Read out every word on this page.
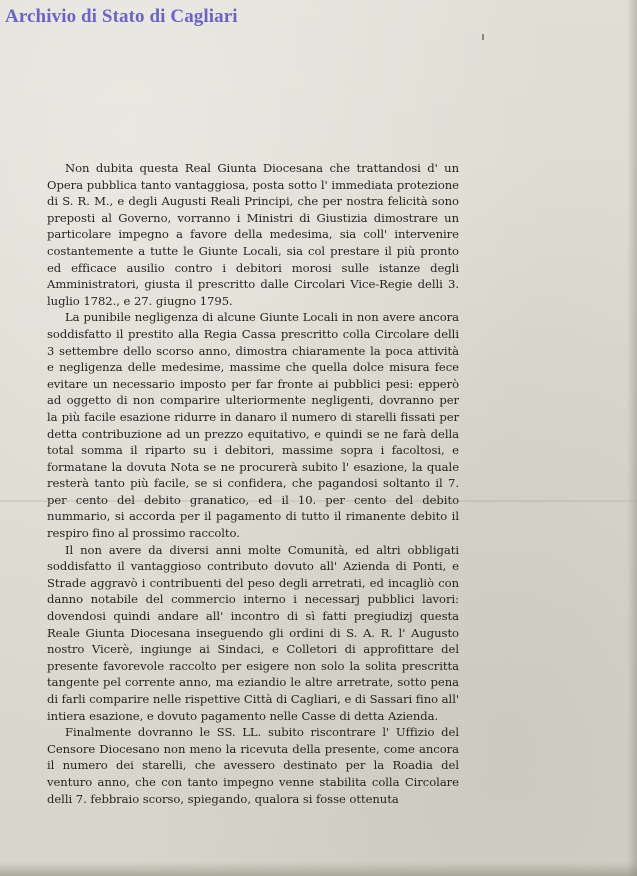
Archivio di Stato di Cagliari

Non dubita questa Real Giunta Diocesana che trattandosi d' un Opera pubblica tanto vantaggiosa, posta sotto l' immediata protezione di S. R. M., e degli Augusti Reali Principi, che per nostra felicità sono preposti al Governo, vorranno i Ministri di Giustizia dimostrare un particolare impegno a favore della medesima, sia coll' intervenire costantemente a tutte le Giunte Locali, sia col prestare il più pronto ed efficace ausilio contro i debitori morosi sulle istanze degli Amministratori, giusta il prescritto dalle Circolari Vice-Regie delli 3. luglio 1782., e 27. giugno 1795.

La punibile negligenza di alcune Giunte Locali in non avere ancora soddisfatto il prestito alla Regia Cassa prescritto colla Circolare delli 3 settembre dello scorso anno, dimostra chiaramente la poca attività e negligenza delle medesime, massime che quella dolce misura fece evitare un necessario imposto per far fronte ai pubblici pesi: epperò ad oggetto di non comparire ulteriormente negligenti, dovranno per la più facile esazione ridurre in danaro il numero di starelli fissati per detta contribuzione ad un prezzo equitativo, e quindi se ne farà della total somma il riparto su i debitori, massime sopra i facoltosi, e formatane la dovuta Nota se ne procurerà subito l' esazione, la quale resterà tanto più facile, se si confidera, che pagandosi soltanto il 7. per cento del debito granatico, ed il 10. per cento del debito nummario, si accorda per il pagamento di tutto il rimanente debito il respiro fino al prossimo raccolto.

Il non avere da diversi anni molte Comunità, ed altri obbligati soddisfatto il vantaggioso contributo dovuto all' Azienda di Ponti, e Strade aggravò i contribuenti del peso degli arretrati, ed incagliò con danno notabile del commercio interno i necessarj pubblici lavori: dovendosi quindi andare all' incontro di sì fatti pregiudizj questa Reale Giunta Diocesana inseguendo gli ordini di S. A. R. l' Augusto nostro Vicerè, ingiunge ai Sindaci, e Colletori di approfittare del presente favorevole raccolto per esigere non solo la solita prescritta tangente pel corrente anno, ma eziandio le altre arretrate, sotto pena di farli comparire nelle rispettive Città di Cagliari, e di Sassari fino all' intiera esazione, e dovuto pagamento nelle Casse di detta Azienda.

Finalmente dovranno le SS. LL. subito riscontrare l' Uffizio del Censore Diocesano non meno la ricevuta della presente, come ancora il numero dei starelli, che avessero destinato per la Roadia del venturo anno, che con tanto impegno venne stabilita colla Circolare delli 7. febbraio scorso, spiegando, qualora si fosse ottenuta
